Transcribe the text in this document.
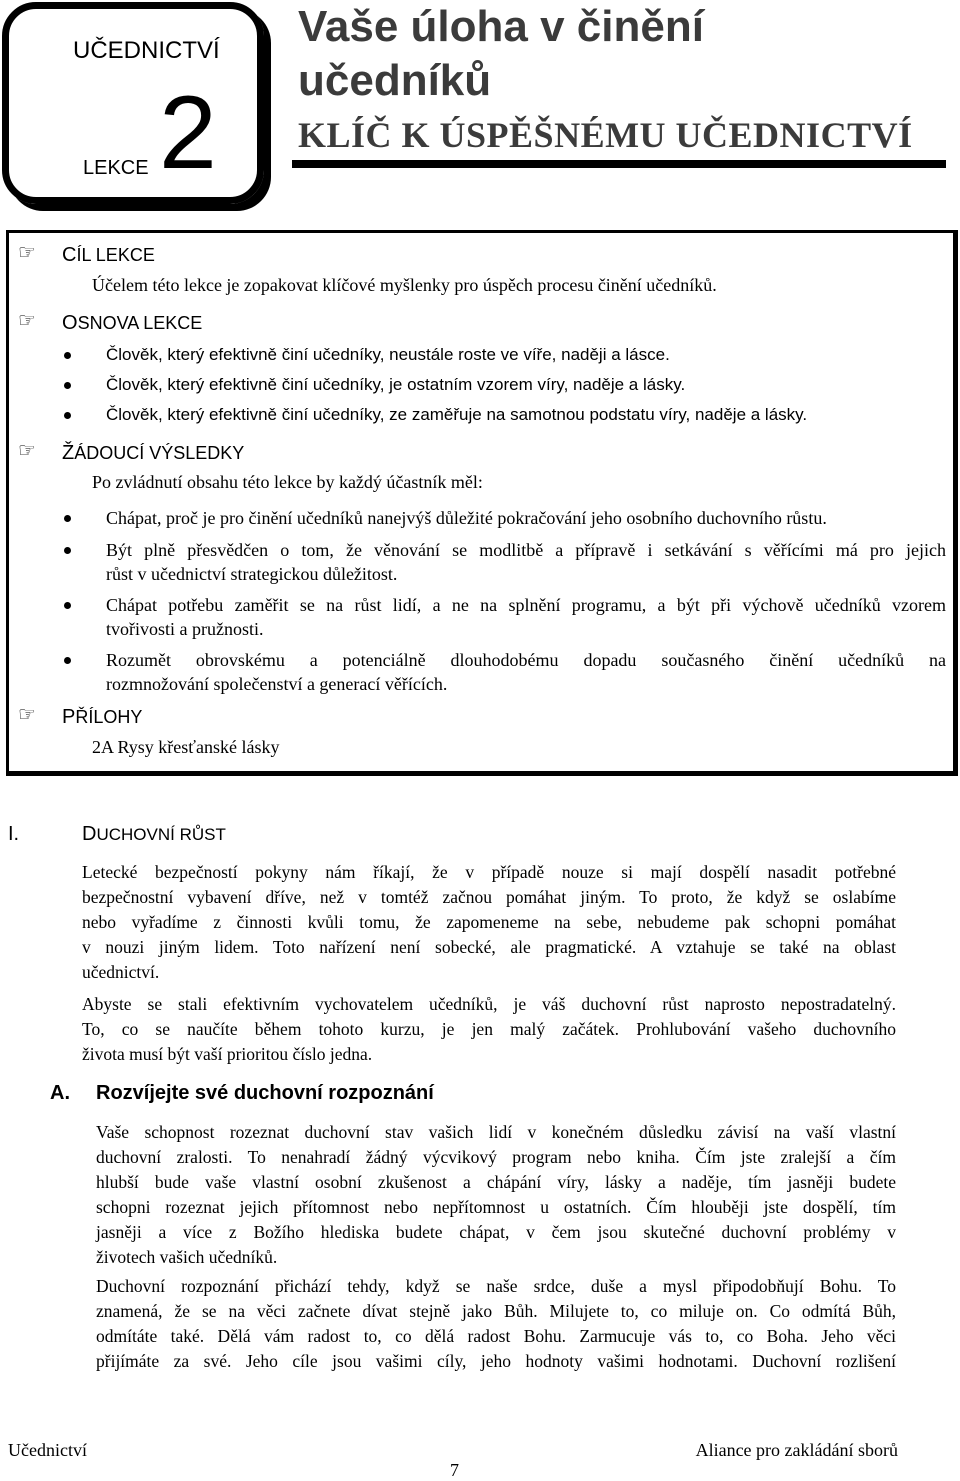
UČEDNICTVÍ
LEKCE 2
Vaše úloha v činění
učedníků
KLÍČ K ÚSPĚŠNÉMU UČEDNICTVÍ
☞ CÍL LEKCE
Účelem této lekce je zopakovat klíčové myšlenky pro úspěch procesu činění učedníků.
☞ OSNOVA LEKCE
Člověk, který efektivně činí učedníky, neustále roste ve víře, naději a lásce.
Člověk, který efektivně činí učedníky, je ostatním vzorem víry, naděje a lásky.
Člověk, který efektivně činí učedníky, ze zaměřuje na samotnou podstatu víry, naděje a lásky.
☞ ŽÁDOUCÍ VÝSLEDKY
Po zvládnutí obsahu této lekce by každý účastník měl:
Chápat, proč je pro činění učedníků nanejvýš důležité pokračování jeho osobního duchovního růstu.
Být plně přesvědčen o tom, že věnování se modlitbě a přípravě i setkávání s věřícími má pro jejich
růst v učednictví strategickou důležitost.
Chápat potřebu zaměřit se na růst lidí, a ne na splnění programu, a být při výchově učedníků vzorem
tvořivosti a pružnosti.
Rozumět obrovskému a potenciálně dlouhodobému dopadu současného činění učedníků na
rozmnožování společenství a generací věřících.
☞ PŘÍLOHY
2A Rysy křesťanské lásky
I.	DUCHOVNÍ RŮST
Letecké bezpečností pokyny nám říkají, že v případě nouze si mají dospělí nasadit potřebné
bezpečnostní vybavení dříve, než v tomtéž začnou pomáhat jiným. To proto, že když se oslabíme
nebo vyřadíme z činnosti kvůli tomu, že zapomeneme na sebe, nebudeme pak schopni pomáhat
v nouzi jiným lidem. Toto nařízení není sobecké, ale pragmatické. A vztahuje se také na oblast
učednictví.
Abyste se stali efektivním vychovatelem učedníků, je váš duchovní růst naprosto nepostradatelný.
To, co se naučíte během tohoto kurzu, je jen malý začátek. Prohlubování vašeho duchovního
života musí být vaší prioritou číslo jedna.
A. Rozvíjejte své duchovní rozpoznání
Vaše schopnost rozeznat duchovní stav vašich lidí v konečném důsledku závisí na vaší vlastní
duchovní zralosti. To nenahradí žádný výcvikový program nebo kniha. Čím jste zralejší a čím
hlubší bude vaše vlastní osobní zkušenost a chápání víry, lásky a naděje, tím jasněji budete
schopni rozeznat jejich přítomnost nebo nepřítomnost u ostatních. Čím hlouběji jste dospělí, tím
jasněji a více z Božího hlediska budete chápat, v čem jsou skutečné duchovní problémy v
životech vašich učedníků.
Duchovní rozpoznání přichází tehdy, když se naše srdce, duše a mysl připodobňují Bohu. To
znamená, že se na věci začnete dívat stejně jako Bůh. Milujete to, co miluje on. Co odmítá Bůh,
odmítáte také. Dělá vám radost to, co dělá radost Bohu. Zarmucuje vás to, co Boha. Jeho věci
přijímáte za své. Jeho cíle jsou vašimi cíly, jeho hodnoty vašimi hodnotami. Duchovní rozlišení
Učednictví
7
Aliance pro zakládání sborů
